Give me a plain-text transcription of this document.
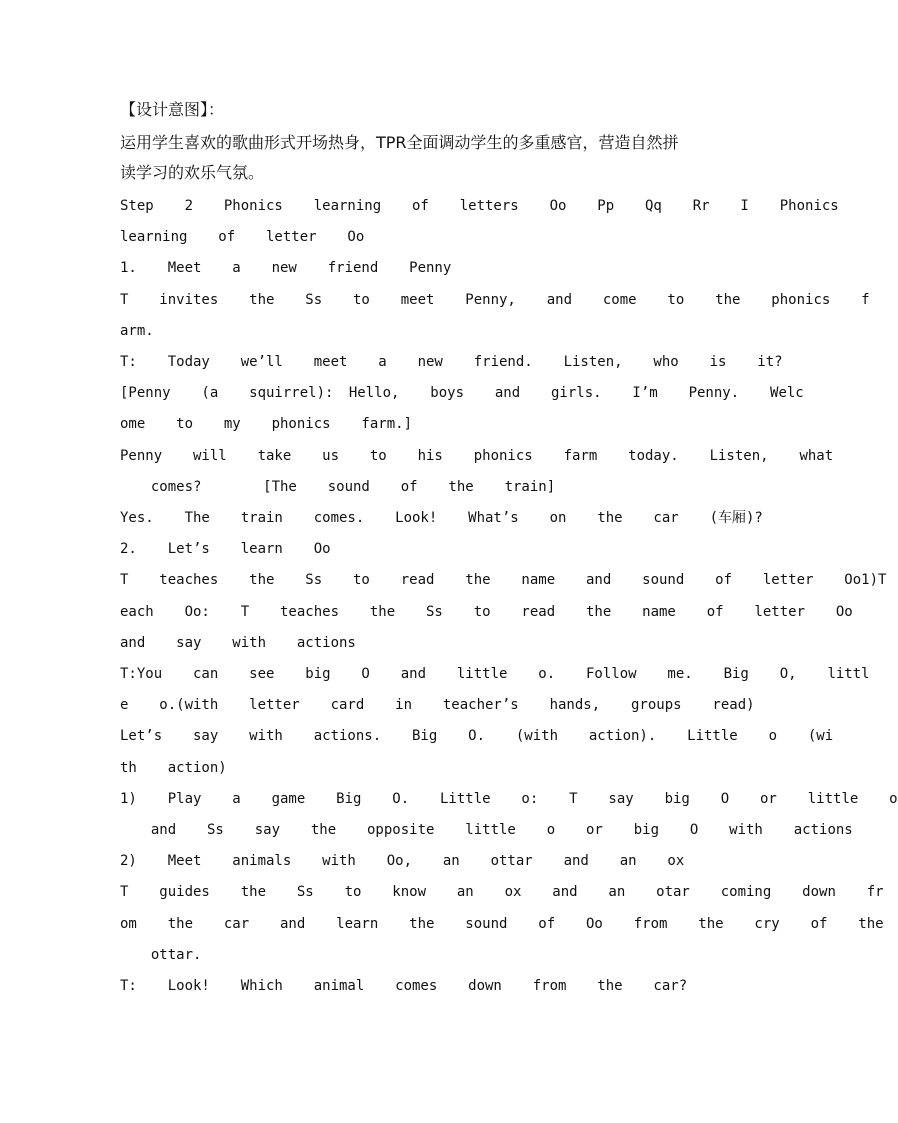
【设计意图】：
运用学生喜欢的歌曲形式开场热身，TPR全面调动学生的多重感官，营造自然拼
读学习的欢乐气氛。
Step  2  Phonics  learning  of  letters  Oo  Pp  Qq  Rr  I  Phonics
learning  of  letter  Oo
1.  Meet  a  new  friend  Penny
T  invites  the  Ss  to  meet  Penny,  and  come  to  the  phonics  f
arm.
T:  Today  we’ll  meet  a  new  friend.  Listen,  who  is  it?
[Penny  (a  squirrel): Hello,  boys  and  girls.  I’m  Penny.  Welc
ome  to  my  phonics  farm.]
Penny  will  take  us  to  his  phonics  farm  today.  Listen,  what
comes?    [The  sound  of  the  train]
Yes.  The  train  comes.  Look!  What’s  on  the  car  (车厢)?
2.  Let’s  learn  Oo
T  teaches  the  Ss  to  read  the  name  and  sound  of  letter  Oo1)T
each  Oo:  T  teaches  the  Ss  to  read  the  name  of  letter  Oo
and  say  with  actions
T:You  can  see  big  O  and  little  o.  Follow  me.  Big  O,  littl
e  o.(with  letter  card  in  teacher’s  hands,  groups  read)
Let’s  say  with  actions.  Big  O.  (with  action).  Little  o  (wi
th  action)
1)  Play  a  game  Big  O.  Little  o:  T  say  big  O  or  little  o
and  Ss  say  the  opposite  little  o  or  big  O  with  actions
2)  Meet  animals  with  Oo,  an  ottar  and  an  ox
T  guides  the  Ss  to  know  an  ox  and  an  otar  coming  down  fr
om  the  car  and  learn  the  sound  of  Oo  from  the  cry  of  the
ottar.
T:  Look!  Which  animal  comes  down  from  the  car?
